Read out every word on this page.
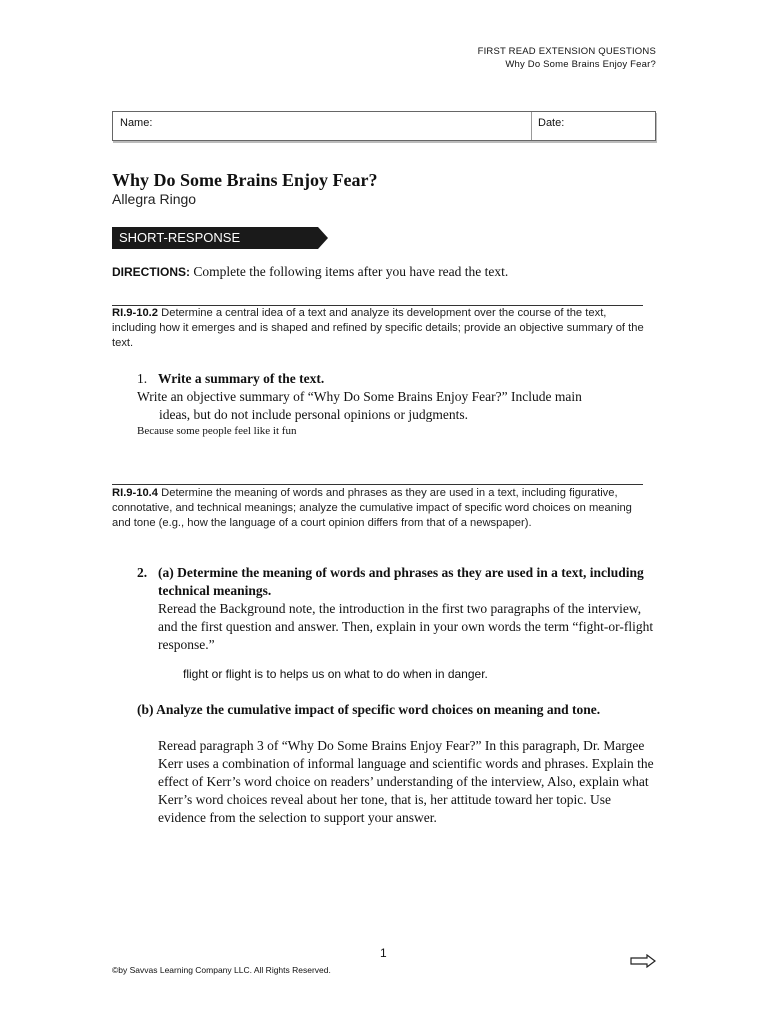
FIRST READ EXTENSION QUESTIONS
Why Do Some Brains Enjoy Fear?
Name:	Date:
Why Do Some Brains Enjoy Fear?
Allegra Ringo
SHORT-RESPONSE QUESTIONS
DIRECTIONS: Complete the following items after you have read the text.
RI.9-10.2 Determine a central idea of a text and analyze its development over the course of the text, including how it emerges and is shaped and refined by specific details; provide an objective summary of the text.
1. Write a summary of the text.
Write an objective summary of “Why Do Some Brains Enjoy Fear?” Include main
ideas, but do not include personal opinions or judgments.
Because some people feel like it fun
RI.9-10.4 Determine the meaning of words and phrases as they are used in a text, including figurative, connotative, and technical meanings; analyze the cumulative impact of specific word choices on meaning and tone (e.g., how the language of a court opinion differs from that of a newspaper).
2. (a) Determine the meaning of words and phrases as they are used in a text, including technical meanings.
Reread the Background note, the introduction in the first two paragraphs of the interview, and the first question and answer. Then, explain in your own words the term “fight-or-flight response.”
flight or flight is to helps us on what to do when in danger.
(b) Analyze the cumulative impact of specific word choices on meaning and tone.
Reread paragraph 3 of “Why Do Some Brains Enjoy Fear?” In this paragraph, Dr. Margee Kerr uses a combination of informal language and scientific words and phrases. Explain the effect of Kerr’s word choice on readers’ understanding of the interview, Also, explain what Kerr’s word choices reveal about her tone, that is, her attitude toward her topic. Use evidence from the selection to support your answer.
1
©by Savvas Learning Company LLC. All Rights Reserved.
